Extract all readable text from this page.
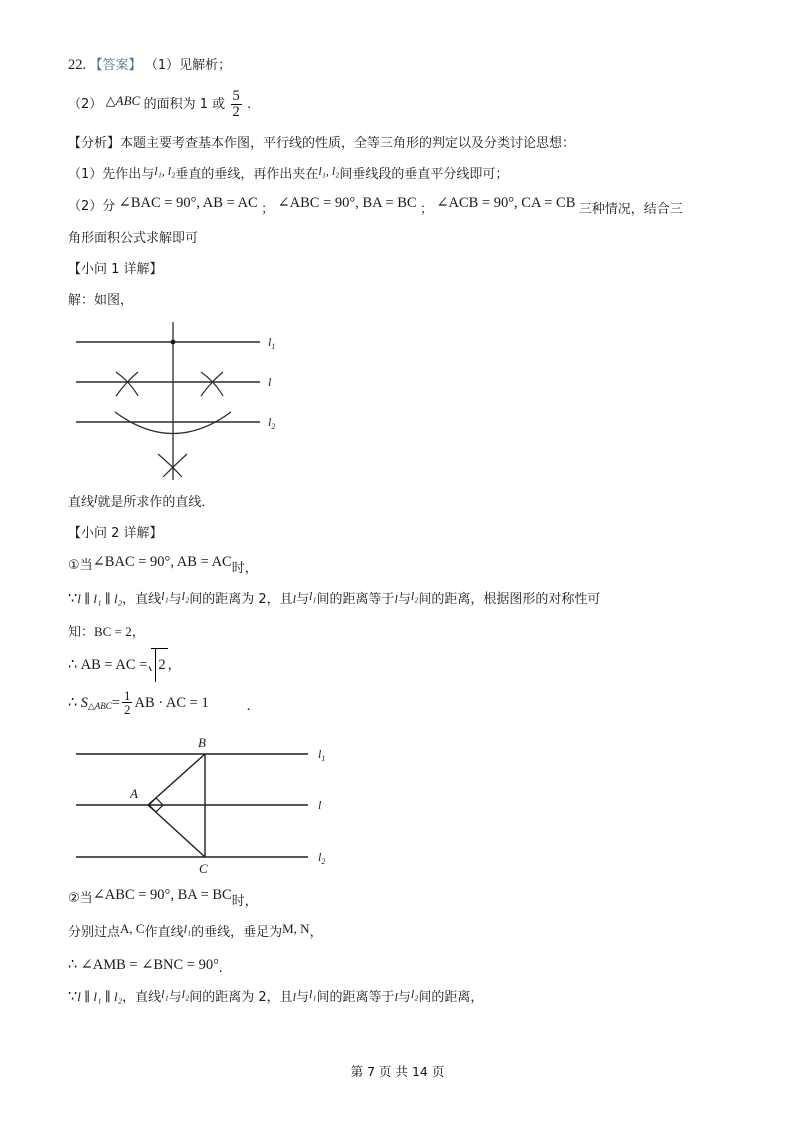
22. 【答案】 （1）见解析；
（2） △ABC 的面积为 1 或 $\frac{5}{2}$ .
【分析】本题主要考查基本作图，平行线的性质，全等三角形的判定以及分类讨论思想：
（1）先作出与l₁, l₂垂直的垂线，再作出夹在l₁, l₂间垂线段的垂直平分线即可；
（2）分 ∠BAC = 90°, AB = AC ； ∠ABC = 90°, BA = BC ； ∠ACB = 90°, CA = CB 三种情况，结合三
角形面积公式求解即可
【小问 1 详解】
解：如图，
$l_1$
l
$l_2$
直线l就是所求作的直线．
【小问 2 详解】
①当∠BAC = 90°, AB = AC时，
∵l ∥ l₁ ∥ l₂，直线l₁与l₂间的距离为 2，且l与l₁间的距离等于l与l₂间的距离，根据图形的对称性可
知：BC = 2，
∴ AB = AC = 2 ，
∴ $S_{\triangle ABC}= \frac{1}{2}$ AB · AC = 1	.
B
A
C
$l_1$
l
$l_2$
②当∠ABC = 90°, BA = BC时，
分别过点A, C作直线l₁的垂线，垂足为M, N，
∴ ∠AMB = ∠BNC = 90°.
∵l ∥ l₁ ∥ l₂，直线l₁与l₂间的距离为 2，且l与l₁间的距离等于l与l₂间的距离，
第 7 页 共 14 页
